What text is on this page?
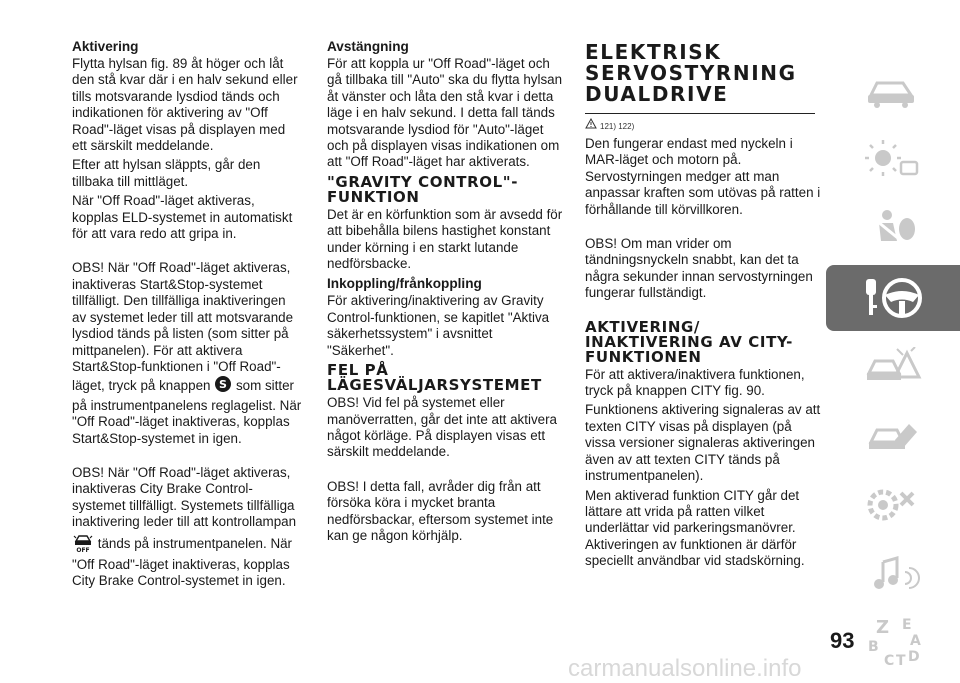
Aktivering

Flytta hylsan fig. 89 åt höger och låt den stå kvar där i en halv sekund eller tills motsvarande lysdiod tänds och indikationen för aktivering av "Off Road"-läget visas på displayen med ett särskilt meddelande.

Efter att hylsan släppts, går den tillbaka till mittläget.

När "Off Road"-läget aktiveras, kopplas ELD-systemet in automatiskt för att vara redo att gripa in.

OBS! När "Off Road"-läget aktiveras, inaktiveras Start&Stop-systemet tillfälligt. Den tillfälliga inaktiveringen av systemet leder till att motsvarande lysdiod tänds på listen (som sitter på mittpanelen). För att aktivera Start&Stop-funktionen i "Off Road"-läget, tryck på knappen S som sitter på instrumentpanelens reglagelist. När "Off Road"-läget inaktiveras, kopplas Start&Stop-systemet in igen.

OBS! När "Off Road"-läget aktiveras, inaktiveras City Brake Control-systemet tillfälligt. Systemets tillfälliga inaktivering leder till att kontrollampan
OFF tänds på instrumentpanelen. När "Off Road"-läget inaktiveras, kopplas City Brake Control-systemet in igen.

Avstängning

För att koppla ur "Off Road"-läget och gå tillbaka till "Auto" ska du flytta hylsan åt vänster och låta den stå kvar i detta läge i en halv sekund. I detta fall tänds motsvarande lysdiod för "Auto"-läget och på displayen visas indikationen om att "Off Road"-läget har aktiverats.

"GRAVITY CONTROL"-FUNKTION

Det är en körfunktion som är avsedd för att bibehålla bilens hastighet konstant under körning i en starkt lutande nedförsbacke.

Inkoppling/frånkoppling

För aktivering/inaktivering av Gravity Control-funktionen, se kapitlet "Aktiva säkerhetssystem" i avsnittet "Säkerhet".

FEL PÅ LÄGESVÄLJARSYSTEMET

OBS! Vid fel på systemet eller manöverratten, går det inte att aktivera något körläge. På displayen visas ett särskilt meddelande.

OBS! I detta fall, avråder dig från att försöka köra i mycket branta nedförsbackar, eftersom systemet inte kan ge någon körhjälp.

ELEKTRISK SERVOSTYRNING DUALDRIVE
121) 122)

Den fungerar endast med nyckeln i MAR-läget och motorn på. Servostyrningen medger att man anpassar kraften som utövas på ratten i förhållande till körvillkoren.

OBS! Om man vrider om tändningsnyckeln snabbt, kan det ta några sekunder innan servostyrningen fungerar fullständigt.

AKTIVERING/ INAKTIVERING AV CITY-FUNKTIONEN

För att aktivera/inaktivera funktionen, tryck på knappen CITY fig. 90.

Funktionens aktivering signaleras av att texten CITY visas på displayen (på vissa versioner signaleras aktiveringen även av att texten CITY tänds på instrumentpanelen).

Men aktiverad funktion CITY går det lättare att vrida på ratten vilket underlättar vid parkeringsmanövrer. Aktiveringen av funktionen är därför speciellt användbar vid stadskörning.

Z E
A
B
C T D
93
carmanualsonline.info
